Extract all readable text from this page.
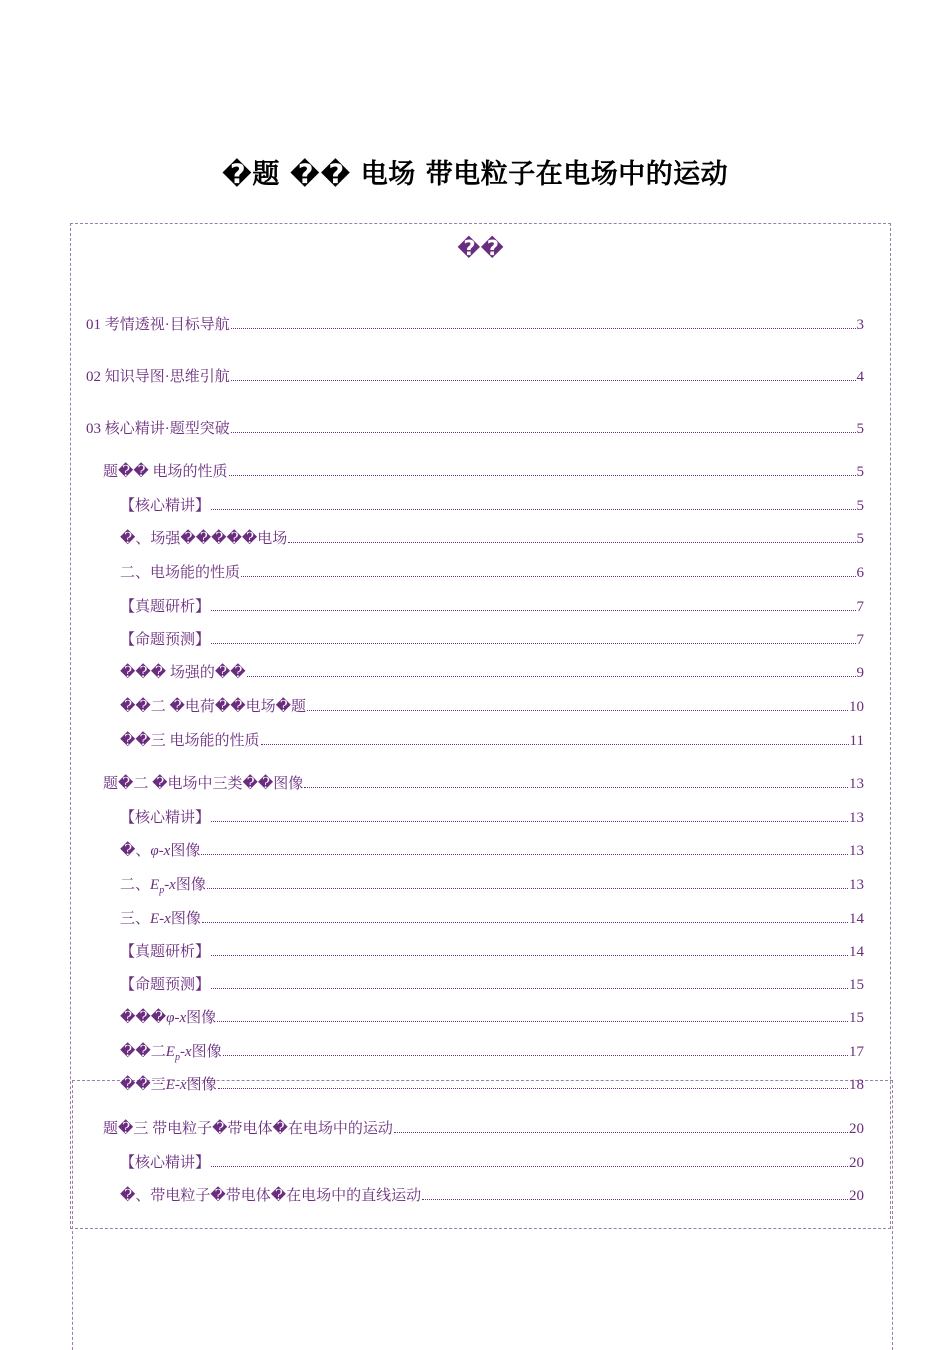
�题 �� 电场 带电粒子在电场中的运动
��
01 考情透视·目标导航	3
02 知识导图·思维引航	4
03 核心精讲·题型突破	5
题�� 电场的性质	5
【核心精讲】	5
�、场强�����电场	5
二、电场能的性质	6
【真题研析】	7
【命题预测】	7
��� 场强的��	9
��二 �电荷��电场�题	10
��三 电场能的性质	11
题�二 �电场中三类��图像	13
【核心精讲】	13
�、 φ-x 图像	13
二、 $E_p-x$ 图像	13
三、 E-x 图像	14
【真题研析】	14
【命题预测】	15
��� φ-x 图像	15
��二 $E_p-x$ 图像	17
��三 E-x 图像	18
题�三 带电粒子�带电体�在电场中的运动	20
【核心精讲】	20
�、带电粒子�带电体�在电场中的直线运动	20
